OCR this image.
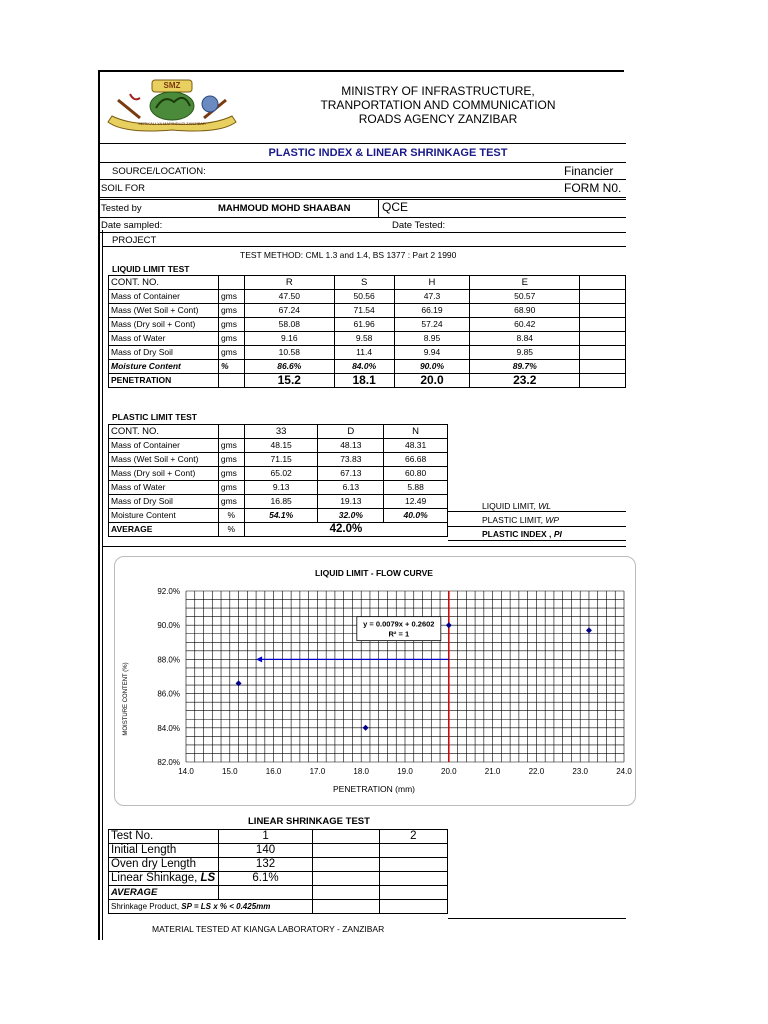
SMZ
SERIKALI YA MAPINDUZI ZANZIBAR
MINISTRY OF INFRASTRUCTURE,
TRANPORTATION AND COMMUNICATION
ROADS AGENCY ZANZIBAR
PLASTIC INDEX & LINEAR SHRINKAGE TEST
SOURCE/LOCATION:	Financier
SOIL FOR	FORM N0.
Tested by	MAHMOUD MOHD SHAABAN	QCE
Date sampled:	Date Tested:
PROJECT
TEST METHOD: CML 1.3 and 1.4, BS 1377 : Part 2 1990
LIQUID LIMIT TEST
CONT. NO.		R	S	H	E	
Mass of Container	gms	47.50	50.56	47.3	50.57	
Mass (Wet Soil + Cont)	gms	67.24	71.54	66.19	68.90	
Mass (Dry soil + Cont)	gms	58.08	61.96	57.24	60.42	
Mass of Water	gms	9.16	9.58	8.95	8.84	
Mass of Dry Soil	gms	10.58	11.4	9.94	9.85	
Moisture Content	%	86.6%	84.0%	90.0%	89.7%	
PENETRATION		15.2	18.1	20.0	23.2	
PLASTIC LIMIT TEST
CONT. NO.		33	D	N
Mass of Container	gms	48.15	48.13	48.31
Mass (Wet Soil + Cont)	gms	71.15	73.83	66.68
Mass (Dry soil + Cont)	gms	65.02	67.13	60.80
Mass of Water	gms	9.13	6.13	5.88
Mass of Dry Soil	gms	16.85	19.13	12.49
Moisture Content	%	54.1%	32.0%	40.0%
AVERAGE	%	42.0%		
LIQUID LIMIT, WL
PLASTIC LIMIT, WP
PLASTIC INDEX , PI
LIQUID LIMIT - FLOW CURVE
14.0	15.0	16.0	17.0	18.0	19.0	20.0	21.0	22.0	23.0	24.0
82.0%
84.0%
86.0%
88.0%
90.0%
92.0%
y = 0.0079x + 0.2602
R² = 1
PENETRATION (mm)
MOISTURE CONTENT (%)
LINEAR SHRINKAGE TEST
Test No.	1		2
Initial Length	140		
Oven dry Length	132		
Linear Shinkage, LS	6.1%		
AVERAGE			
Shrinkage Product, SP = LS x % < 0.425mm			
MATERIAL TESTED AT KIANGA LABORATORY - ZANZIBAR
